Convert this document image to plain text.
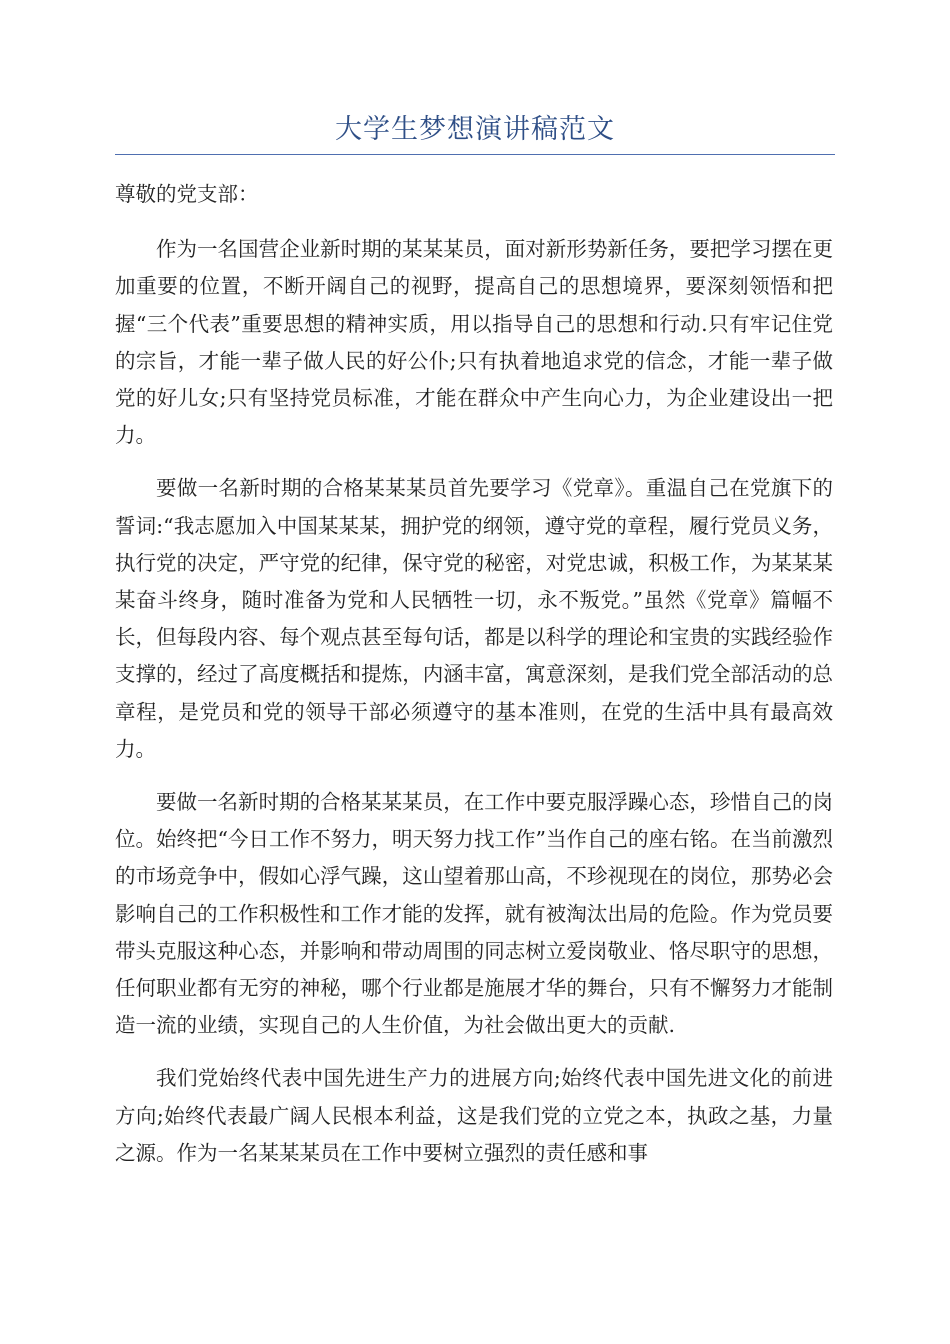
大学生梦想演讲稿范文

尊敬的党支部：

作为一名国营企业新时期的某某某员，面对新形势新任务，要把学习摆在更加重要的位置，不断开阔自己的视野，提高自己的思想境界，要深刻领悟和把握“三个代表”重要思想的精神实质，用以指导自己的思想和行动.只有牢记住党的宗旨，才能一辈子做人民的好公仆;只有执着地追求党的信念，才能一辈子做党的好儿女;只有坚持党员标准，才能在群众中产生向心力，为企业建设出一把力。

要做一名新时期的合格某某某员首先要学习《党章》。重温自己在党旗下的誓词:“我志愿加入中国某某某，拥护党的纲领，遵守党的章程，履行党员义务，执行党的决定，严守党的纪律，保守党的秘密，对党忠诚，积极工作，为某某某某奋斗终身，随时准备为党和人民牺牲一切，永不叛党。”虽然《党章》篇幅不长，但每段内容、每个观点甚至每句话，都是以科学的理论和宝贵的实践经验作支撑的，经过了高度概括和提炼，内涵丰富，寓意深刻，是我们党全部活动的总章程，是党员和党的领导干部必须遵守的基本准则，在党的生活中具有最高效力。

要做一名新时期的合格某某某员，在工作中要克服浮躁心态，珍惜自己的岗位。始终把“今日工作不努力，明天努力找工作”当作自己的座右铭。在当前激烈的市场竞争中，假如心浮气躁，这山望着那山高，不珍视现在的岗位，那势必会影响自己的工作积极性和工作才能的发挥，就有被淘汰出局的危险。作为党员要带头克服这种心态，并影响和带动周围的同志树立爱岗敬业、恪尽职守的思想，任何职业都有无穷的神秘，哪个行业都是施展才华的舞台，只有不懈努力才能制造一流的业绩，实现自己的人生价值，为社会做出更大的贡献.

我们党始终代表中国先进生产力的进展方向;始终代表中国先进文化的前进方向;始终代表最广阔人民根本利益，这是我们党的立党之本，执政之基，力量之源。作为一名某某某员在工作中要树立强烈的责任感和事
